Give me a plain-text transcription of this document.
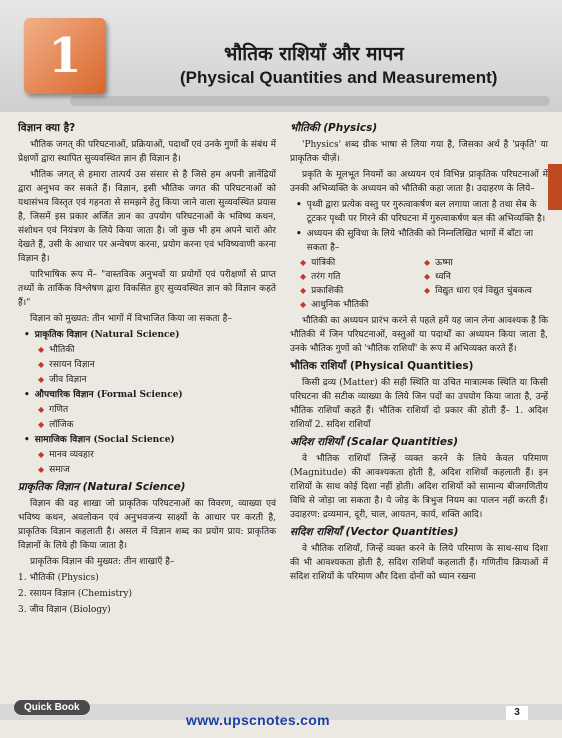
1	भौतिक राशियाँ और मापन
(Physical Quantities and Measurement)
विज्ञान क्या है?

भौतिक जगत् की परिघटनाओं, प्रक्रियाओं, पदार्थों एवं उनके गुणों के संबंध में प्रेक्षणों द्वारा स्थापित सुव्यवस्थित ज्ञान ही विज्ञान है।

भौतिक जगत् से हमारा तात्पर्य उस संसार से है जिसे हम अपनी ज्ञानेंद्रियों द्वारा अनुभव कर सकते हैं। विज्ञान, इसी भौतिक जगत की परिघटनाओं को यथासंभव विस्तृत एवं गहनता से समझने हेतु किया जाने वाला सुव्यवस्थित प्रयास है, जिसमें इस प्रकार अर्जित ज्ञान का उपयोग परिघटनाओं के भविष्य कथन, संशोधन एवं नियंत्रण के लिये किया जाता है। जो कुछ भी हम अपने चारों ओर देखते हैं, उसी के आधार पर अन्वेषण करना, प्रयोग करना एवं भविष्यवाणी करना विज्ञान है।

पारिभाषिक रूप में– "वास्तविक अनुभवों या प्रयोगों एवं परीक्षणों से प्राप्त तथ्यों के तार्किक विश्लेषण द्वारा विकसित हुए सुव्यवस्थित ज्ञान को विज्ञान कहते हैं।"

विज्ञान को मुख्यत: तीन भागों में विभाजित किया जा सकता है–

• प्राकृतिक विज्ञान (Natural Science)
◆ भौतिकी
◆ रसायन विज्ञान
◆ जीव विज्ञान
• औपचारिक विज्ञान (Formal Science)
◆ गणित
◆ लॉजिक
• सामाजिक विज्ञान (Social Science)
◆ मानव व्यवहार
◆ समाज
प्राकृतिक विज्ञान (Natural Science)

विज्ञान की वह शाखा जो प्राकृतिक परिघटनाओं का विवरण, व्याख्या एवं भविष्य कथन, अवलोकन एवं अनुभवजन्य साक्ष्यों के आधार पर करती है, प्राकृतिक विज्ञान कहलाती है। असल में विज्ञान शब्द का प्रयोग प्राय: प्राकृतिक विज्ञानों के लिये ही किया जाता है।

प्राकृतिक विज्ञान की मुख्यत: तीन शाखाएँ है–

1. भौतिकी (Physics)

2. रसायन विज्ञान (Chemistry)

3. जीव विज्ञान (Biology)

भौतिकी (Physics)

'Physics' शब्द ग्रीक भाषा से लिया गया है, जिसका अर्थ है 'प्रकृति' या प्राकृतिक चीज़ें।

प्रकृति के मूलभूत नियमों का अध्ययन एवं विभिन्न प्राकृतिक परिघटनाओं में उनकी अभिव्यक्ति के अध्ययन को भौतिकी कहा जाता है। उदाहरण के लिये–

• पृथ्वी द्वारा प्रत्येक वस्तु पर गुरुत्वाकर्षण बल लगाया जाता है तथा सेब के टूटकर पृथ्वी पर गिरने की परिघटना में गुरुत्वाकर्षण बल की अभिव्यक्ति है।
• अध्ययन की सुविधा के लिये भौतिकी को निम्नलिखित भागों में बाँटा जा सकता है–
◆ यांत्रिकी	◆ ऊष्मा
◆ तरंग गति	◆ ध्वनि
◆ प्रकाशिकी	◆ विद्युत धारा एवं विद्युत चुंबकत्व
◆ आधुनिक भौतिकी

भौतिकी का अध्ययन प्रारंभ करने से पहले हमें यह जान लेना आवश्यक है कि भौतिकी में जिन परिघटनाओं, वस्तुओं या पदार्थों का अध्ययन किया जाता है, उनके भौतिक गुणों को 'भौतिक राशियाँ' के रूप में अभिव्यक्त करते हैं।

भौतिक राशियाँ (Physical Quantities)

किसी द्रव्य (Matter) की सही स्थिति या उचित मात्रात्मक स्थिति या किसी परिघटना की सटीक व्याख्या के लिये जिन पदों का उपयोग किया जाता है, उन्हें भौतिक राशियाँ कहते हैं। भौतिक राशियाँ दो प्रकार की होती हैं– 1. अदिश राशियाँ 2. सदिश राशियाँ

अदिश राशियाँ (Scalar Quantities)

वे भौतिक राशियाँ जिन्हें व्यक्त करने के लिये केवल परिमाण (Magnitude) की आवश्यकता होती है, अदिश राशियाँ कहलाती हैं। इन राशियों के साथ कोई दिशा नहीं होती। अदिश राशियों को सामान्य बीजगणितीय विधि से जोड़ा जा सकता है। ये जोड़ के त्रिभुज नियम का पालन नहीं करती हैं। उदाहरण: द्रव्यमान, दूरी, चाल, आयतन, कार्य, शक्ति आदि।

सदिश राशियाँ (Vector Quantities)

वे भौतिक राशियाँ, जिन्हें व्यक्त करने के लिये परिमाण के साथ-साथ दिशा की भी आवश्यकता होती है, सदिश राशियाँ कहलाती हैं। गणितीय क्रियाओं में सदिश राशियों के परिमाण और दिशा दोनों को ध्यान रखना

Quick Book
www.upscnotes.com	3
